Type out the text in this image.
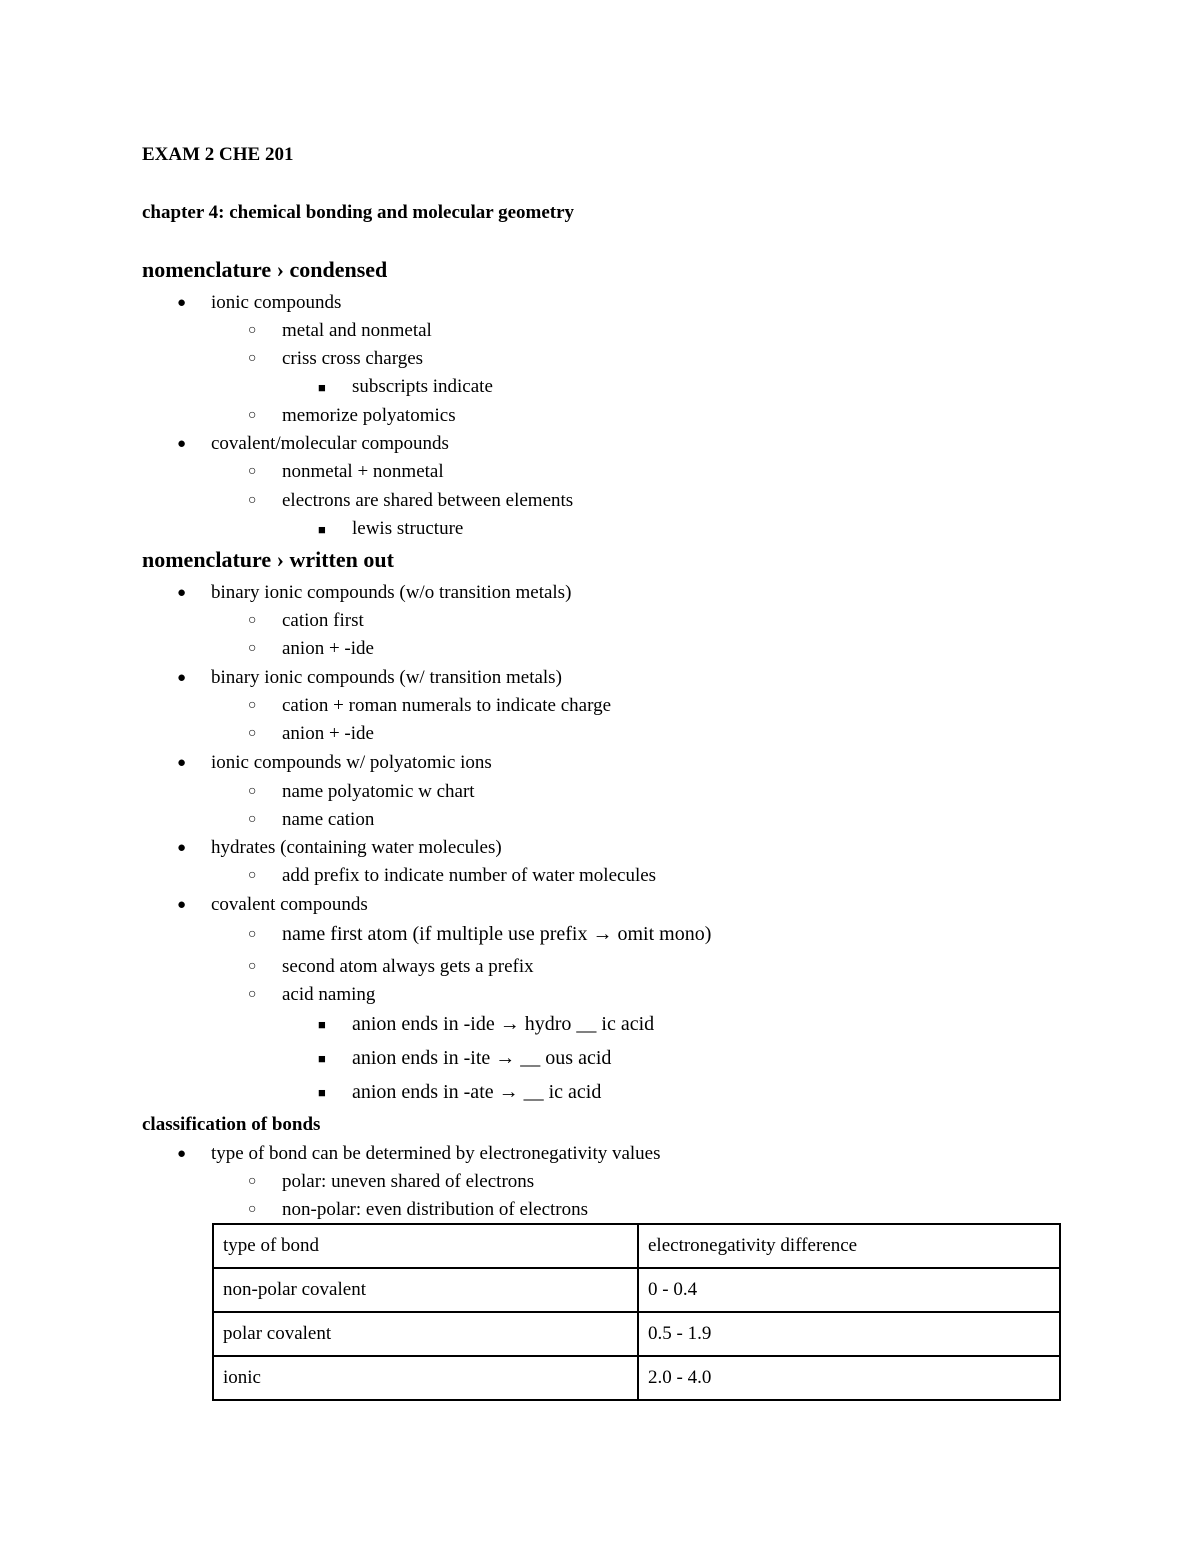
EXAM 2 CHE 201
chapter 4: chemical bonding and molecular geometry
nomenclature › condensed
● ionic compounds
○ metal and nonmetal
○ criss cross charges
■ subscripts indicate
○ memorize polyatomics
● covalent/molecular compounds
○ nonmetal + nonmetal
○ electrons are shared between elements
■ lewis structure
nomenclature › written out
● binary ionic compounds (w/o transition metals)
○ cation first
○ anion + -ide
● binary ionic compounds (w/ transition metals)
○ cation + roman numerals to indicate charge
○ anion + -ide
● ionic compounds w/ polyatomic ions
○ name polyatomic w chart
○ name cation
● hydrates (containing water molecules)
○ add prefix to indicate number of water molecules
● covalent compounds
○ name first atom (if multiple use prefix → omit mono)
○ second atom always gets a prefix
○ acid naming
■ anion ends in -ide → hydro __ ic acid
■ anion ends in -ite → __ ous acid
■ anion ends in -ate → __ ic acid
classification of bonds
● type of bond can be determined by electronegativity values
○ polar: uneven shared of electrons
○ non-polar: even distribution of electrons
type of bond	electronegativity difference
non-polar covalent	0 - 0.4
polar covalent	0.5 - 1.9
ionic	2.0 - 4.0
